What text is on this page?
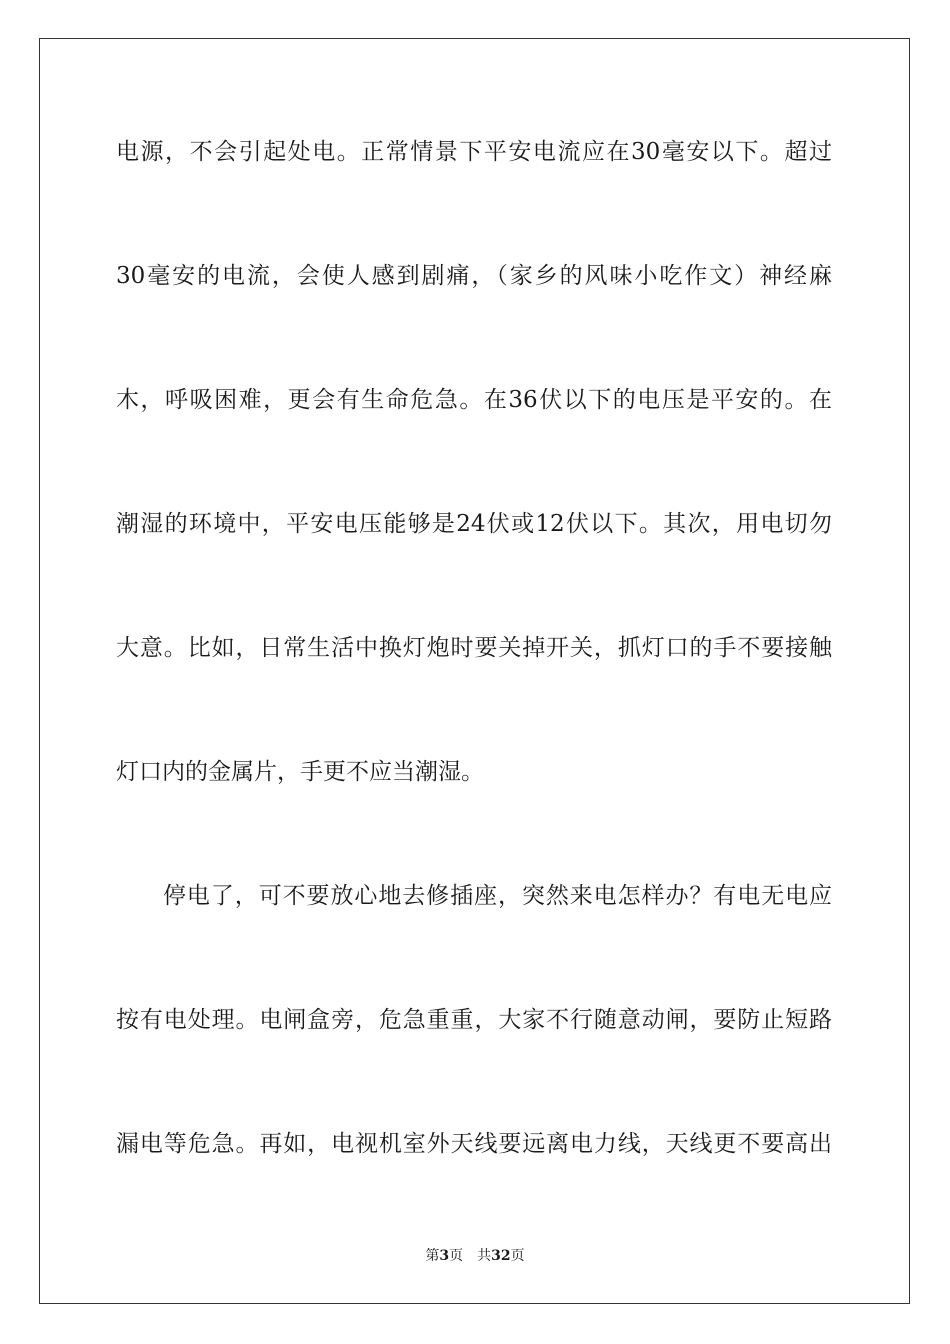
电源，不会引起处电。正常情景下平安电流应在30毫安以下。超过
30毫安的电流，会使人感到剧痛，（家乡的风味小吃作文）神经麻
木，呼吸困难，更会有生命危急。在36伏以下的电压是平安的。在
潮湿的环境中，平安电压能够是24伏或12伏以下。其次，用电切勿
大意。比如，日常生活中换灯炮时要关掉开关，抓灯口的手不要接触
灯口内的金属片，手更不应当潮湿。
停电了，可不要放心地去修插座，突然来电怎样办？有电无电应
按有电处理。电闸盒旁，危急重重，大家不行随意动闸，要防止短路
漏电等危急。再如，电视机室外天线要远离电力线，天线更不要高出
第3页 共32页
